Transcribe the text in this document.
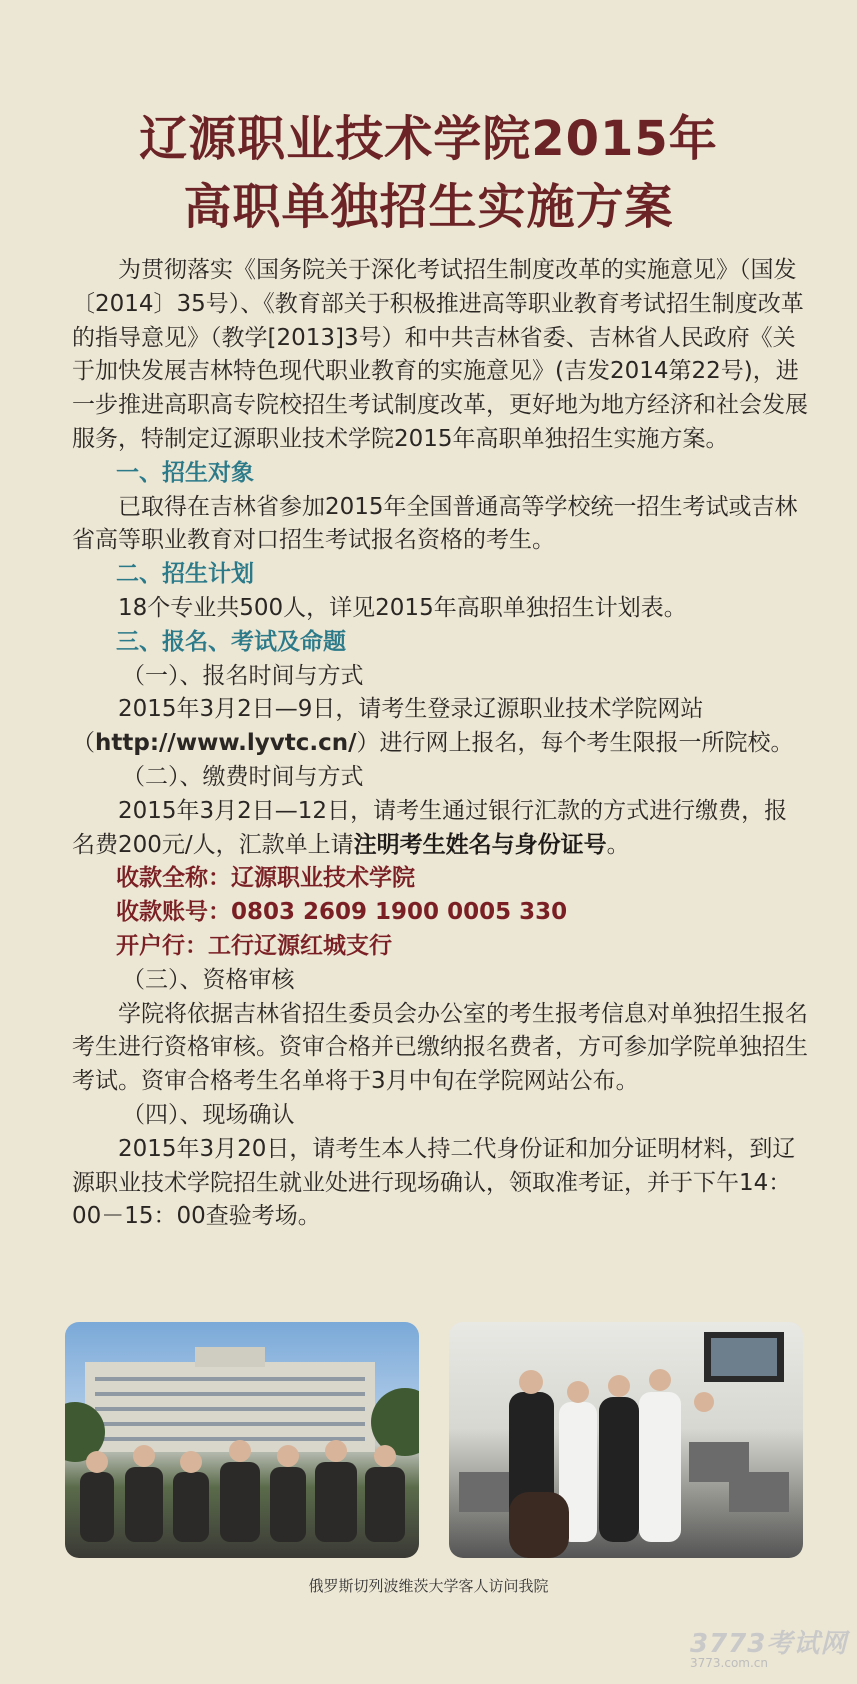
辽源职业技术学院2015年
高职单独招生实施方案

为贯彻落实《国务院关于深化考试招生制度改革的实施意见》（国发〔2014〕35号）、《教育部关于积极推进高等职业教育考试招生制度改革的指导意见》（教学[2013]3号）和中共吉林省委、吉林省人民政府《关于加快发展吉林特色现代职业教育的实施意见》(吉发2014第22号)，进一步推进高职高专院校招生考试制度改革，更好地为地方经济和社会发展服务，特制定辽源职业技术学院2015年高职单独招生实施方案。

一、招生对象

已取得在吉林省参加2015年全国普通高等学校统一招生考试或吉林省高等职业教育对口招生考试报名资格的考生。

二、招生计划

18个专业共500人，详见2015年高职单独招生计划表。

三、报名、考试及命题

（一）、报名时间与方式

2015年3月2日—9日，请考生登录辽源职业技术学院网站（http://www.lyvtc.cn/）进行网上报名，每个考生限报一所院校。

（二）、缴费时间与方式

2015年3月2日—12日，请考生通过银行汇款的方式进行缴费，报名费200元/人，汇款单上请注明考生姓名与身份证号。

收款全称：辽源职业技术学院

收款账号：0803 2609 1900 0005 330

开户行：工行辽源红城支行

（三）、资格审核

学院将依据吉林省招生委员会办公室的考生报考信息对单独招生报名考生进行资格审核。资审合格并已缴纳报名费者，方可参加学院单独招生考试。资审合格考生名单将于3月中旬在学院网站公布。

（四）、现场确认

2015年3月20日，请考生本人持二代身份证和加分证明材料，到辽源职业技术学院招生就业处进行现场确认，领取准考证，并于下午14：00－15：00查验考场。

俄罗斯切列波维茨大学客人访问我院
3773考试网
3773.com.cn
